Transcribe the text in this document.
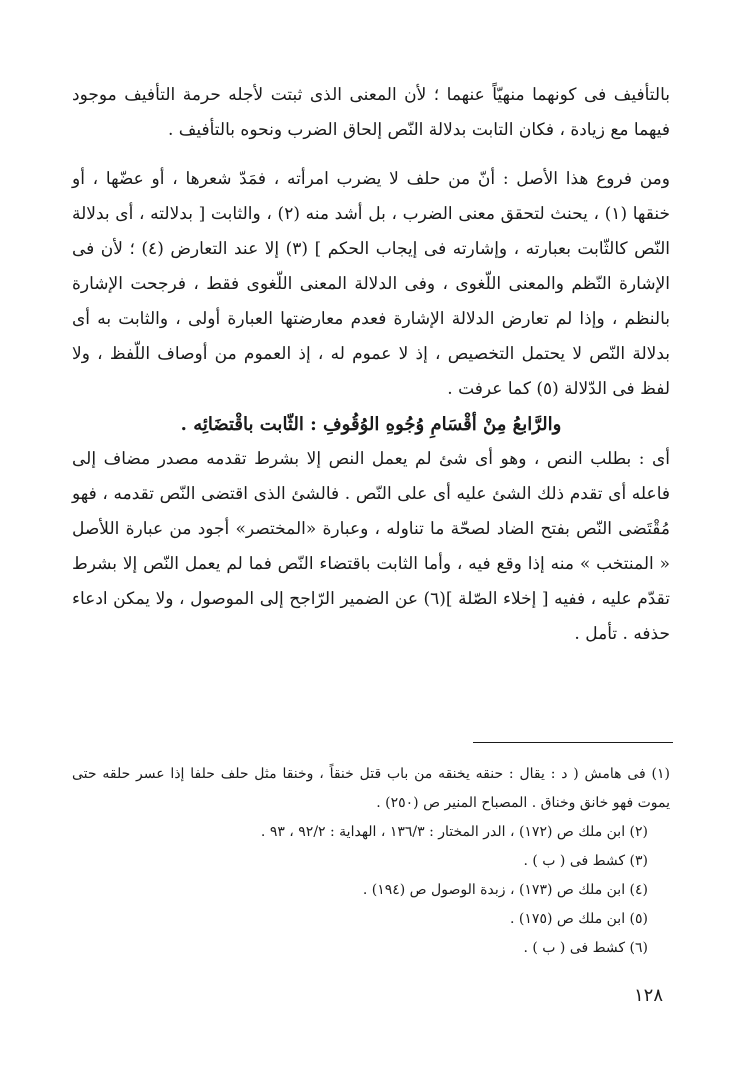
بالتأفيف فى كونهما منهيّاً عنهما ؛ لأن المعنى الذى ثبتت لأجله حرمة التأفيف موجود فيهما مع زيادة ، فكان التابت بدلالة النّص إلحاق الضرب ونحوه بالتأفيف .

ومن فروع هذا الأصل : أنّ من حلف لا يضرب امرأته ، فمَدّ شعرها ، أو عضّها ، أو خنقها (١) ، يحنث لتحقق معنى الضرب ، بل أشد منه (٢) ، والثابت [ بدلالته ، أى بدلالة النّص كالثّابت بعبارته ، وإشارته فى إيجاب الحكم ] (٣) إلا عند التعارض (٤) ؛ لأن فى الإشارة النّظم والمعنى اللّغوى ، وفى الدلالة المعنى اللّغوى فقط ، فرجحت الإشارة بالنظم ، وإذا لم تعارض الدلالة الإشارة فعدم معارضتها العبارة أولى ، والثابت به أى بدلالة النّص لا يحتمل التخصيص ، إذ لا عموم له ، إذ العموم من أوصاف اللّفظ ، ولا لفظ فى الدّلالة (٥) كما عرفت .

والرَّابعُ مِنْ أقْسَامِ وُجُوهِ الوُقُوفِ : الثّابت باقْتضَائِه .

أى : بطلب النص ، وهو أى شئ لم يعمل النص إلا بشرط تقدمه مصدر مضاف إلى فاعله أى تقدم ذلك الشئ عليه أى على النّص . فالشئ الذى اقتضى النّص تقدمه ، فهو مُقْتَضى النّص بفتح الضاد لصحّة ما تناوله ، وعبارة «المختصر» أجود من عبارة اللأصل « المنتخب » منه إذا وقع فيه ، وأما الثابت باقتضاء النّص فما لم يعمل النّص إلا بشرط تقدّم عليه ، ففيه [ إخلاء الصّلة ](٦) عن الضمير الرّاجح إلى الموصول ، ولا يمكن ادعاء حذفه . تأمل .

(١) فى هامش ( د : يقال : حنقه يخنقه من باب قتل خنقاً ، وخنقا مثل حلف حلفا إذا عسر حلقه حتى يموت فهو خانق وخناق . المصباح المنير ص (٢٥٠) .

(٢) ابن ملك ص (١٧٢) ، الدر المختار : ١٣٦/٣ ، الهداية : ٩٢/٢ ، ٩٣ .

(٣) كشط فى ( ب ) .

(٤) ابن ملك ص (١٧٣) ، زبدة الوصول ص (١٩٤) .

(٥) ابن ملك ص (١٧٥) .

(٦) كشط فى ( ب ) .

١٢٨
